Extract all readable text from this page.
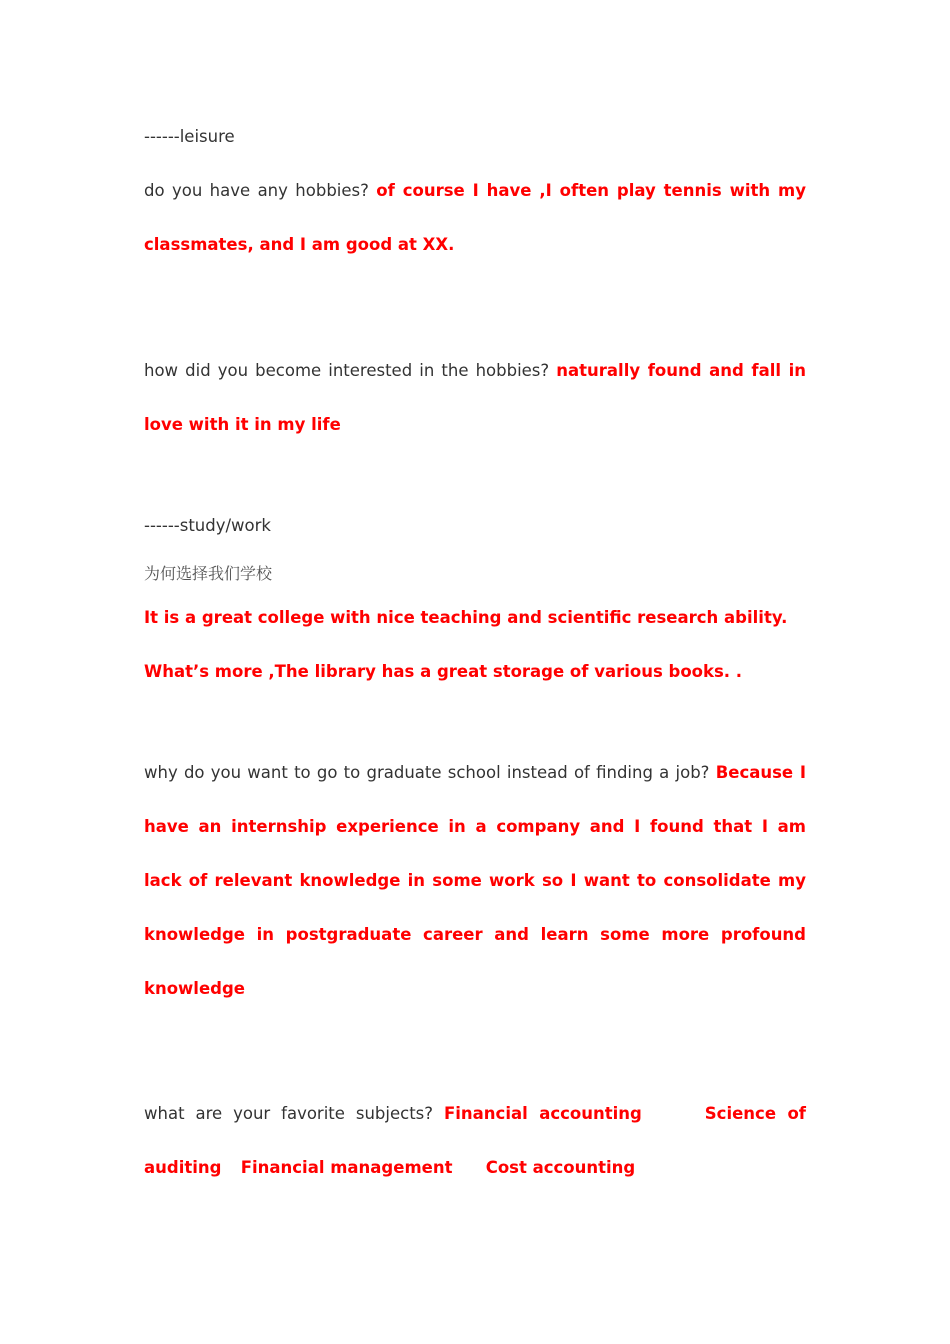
------leisure
do you have any hobbies? of course I have ,I often play tennis with my
classmates, and I am good at XX.
how did you become interested in the hobbies? naturally found and fall in
love with it in my life
------study/work
为何选择我们学校
It is a great college with nice teaching and scientific research ability.
What’s more ,The library has a great storage of various books. .
why do you want to go to graduate school instead of finding a job? Because I
have an internship experience in a company and I found that I am
lack of relevant knowledge in some work so I want to consolidate my
knowledge in postgraduate career and learn some more profound
knowledge
what are your favorite subjects? Financial accounting	Science of
auditing Financial management Cost accounting
